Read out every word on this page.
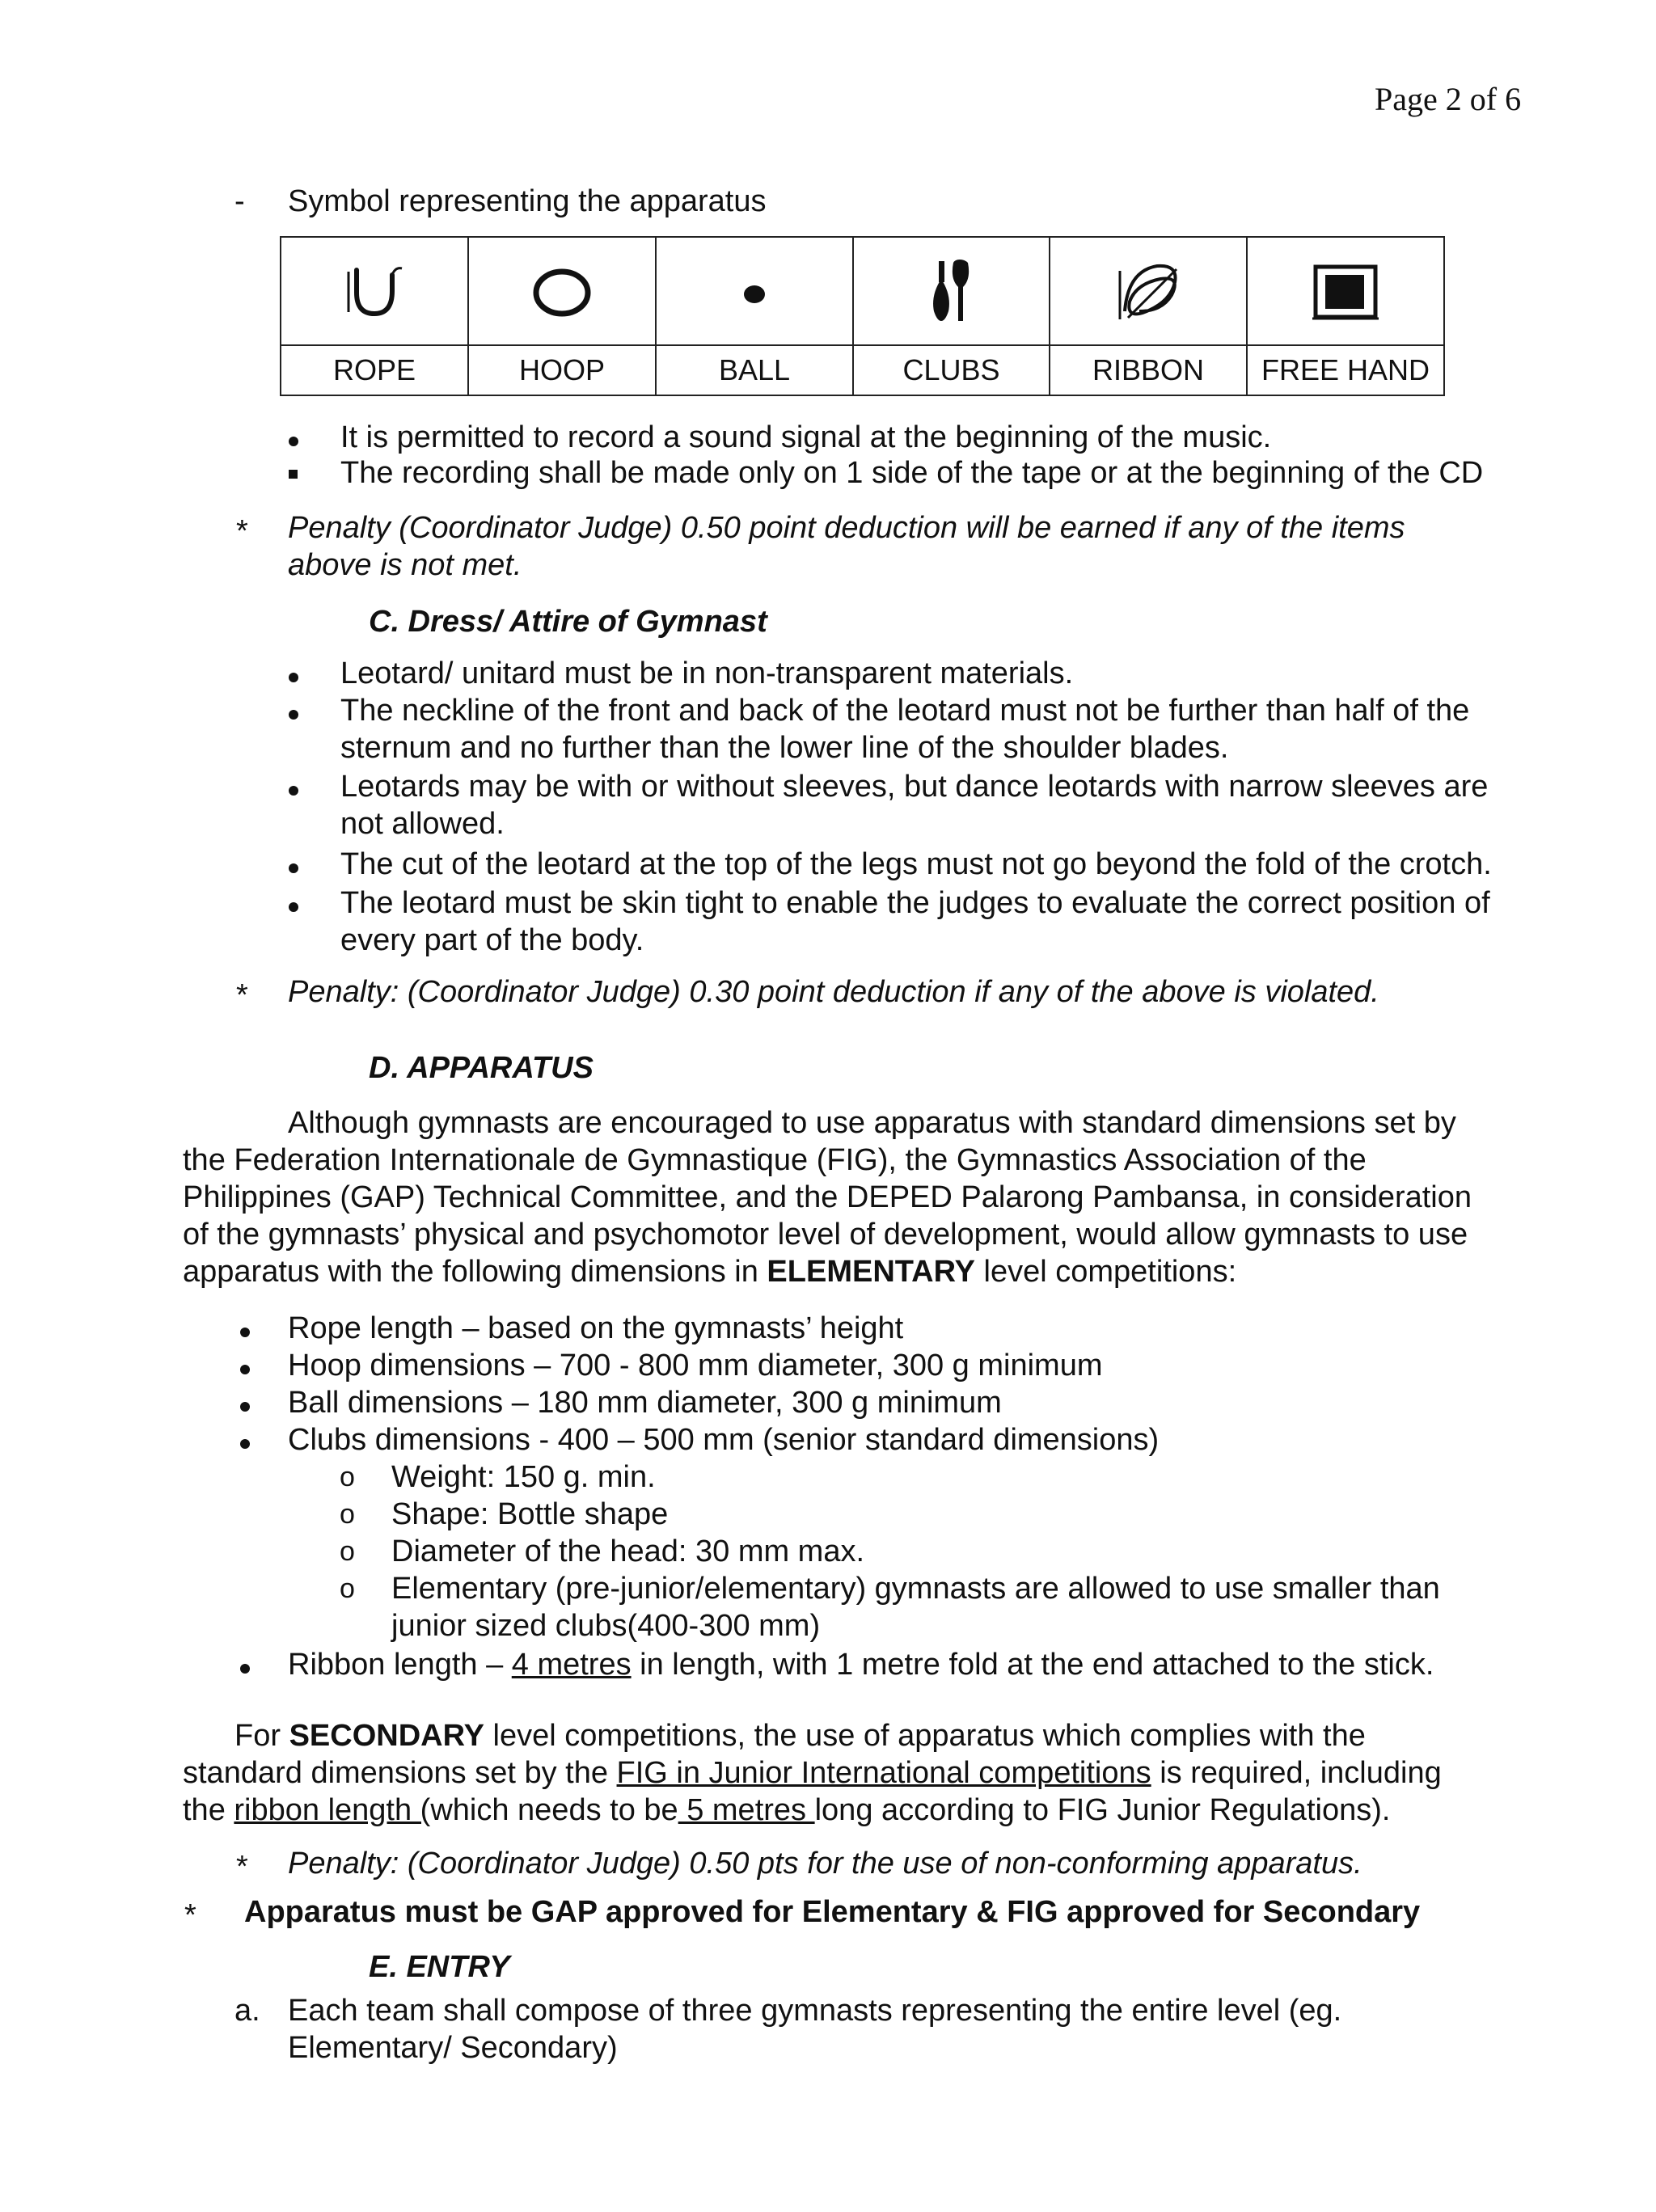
Page 2 of 6
- Symbol representing the apparatus

ROPE	HOOP	BALL	CLUBS	RIBBON	FREE HAND
It is permitted to record a sound signal at the beginning of the music.
The recording shall be made only on 1 side of the tape or at the beginning of the CD
* Penalty (Coordinator Judge) 0.50 point deduction will be earned if any of the items
above is not met.
C. Dress/ Attire of Gymnast
Leotard/ unitard must be in non-transparent materials.
The neckline of the front and back of the leotard must not be further than half of the
sternum and no further than the lower line of the shoulder blades.
Leotards may be with or without sleeves, but dance leotards with narrow sleeves are
not allowed.
The cut of the leotard at the top of the legs must not go beyond the fold of the crotch.
The leotard must be skin tight to enable the judges to evaluate the correct position of
every part of the body.
* Penalty: (Coordinator Judge) 0.30 point deduction if any of the above is violated.
D. APPARATUS
Although gymnasts are encouraged to use apparatus with standard dimensions set by
the Federation Internationale de Gymnastique (FIG), the Gymnastics Association of the
Philippines (GAP) Technical Committee, and the DEPED Palarong Pambansa, in consideration
of the gymnasts’ physical and psychomotor level of development, would allow gymnasts to use
apparatus with the following dimensions in ELEMENTARY level competitions:
Rope length – based on the gymnasts’ height
Hoop dimensions – 700 - 800 mm diameter, 300 g minimum
Ball dimensions – 180 mm diameter, 300 g minimum
Clubs dimensions - 400 – 500 mm (senior standard dimensions)
o Weight: 150 g. min.
o Shape: Bottle shape
o Diameter of the head: 30 mm max.
o Elementary (pre-junior/elementary) gymnasts are allowed to use smaller than
junior sized clubs(400-300 mm)
Ribbon length – 4 metres in length, with 1 metre fold at the end attached to the stick.
For SECONDARY level competitions, the use of apparatus which complies with the
standard dimensions set by the FIG in Junior International competitions is required, including
the ribbon length (which needs to be 5 metres long according to FIG Junior Regulations).
* Penalty: (Coordinator Judge) 0.50 pts for the use of non-conforming apparatus.
* Apparatus must be GAP approved for Elementary & FIG approved for Secondary
E. ENTRY
a. Each team shall compose of three gymnasts representing the entire level (eg.
Elementary/ Secondary)
